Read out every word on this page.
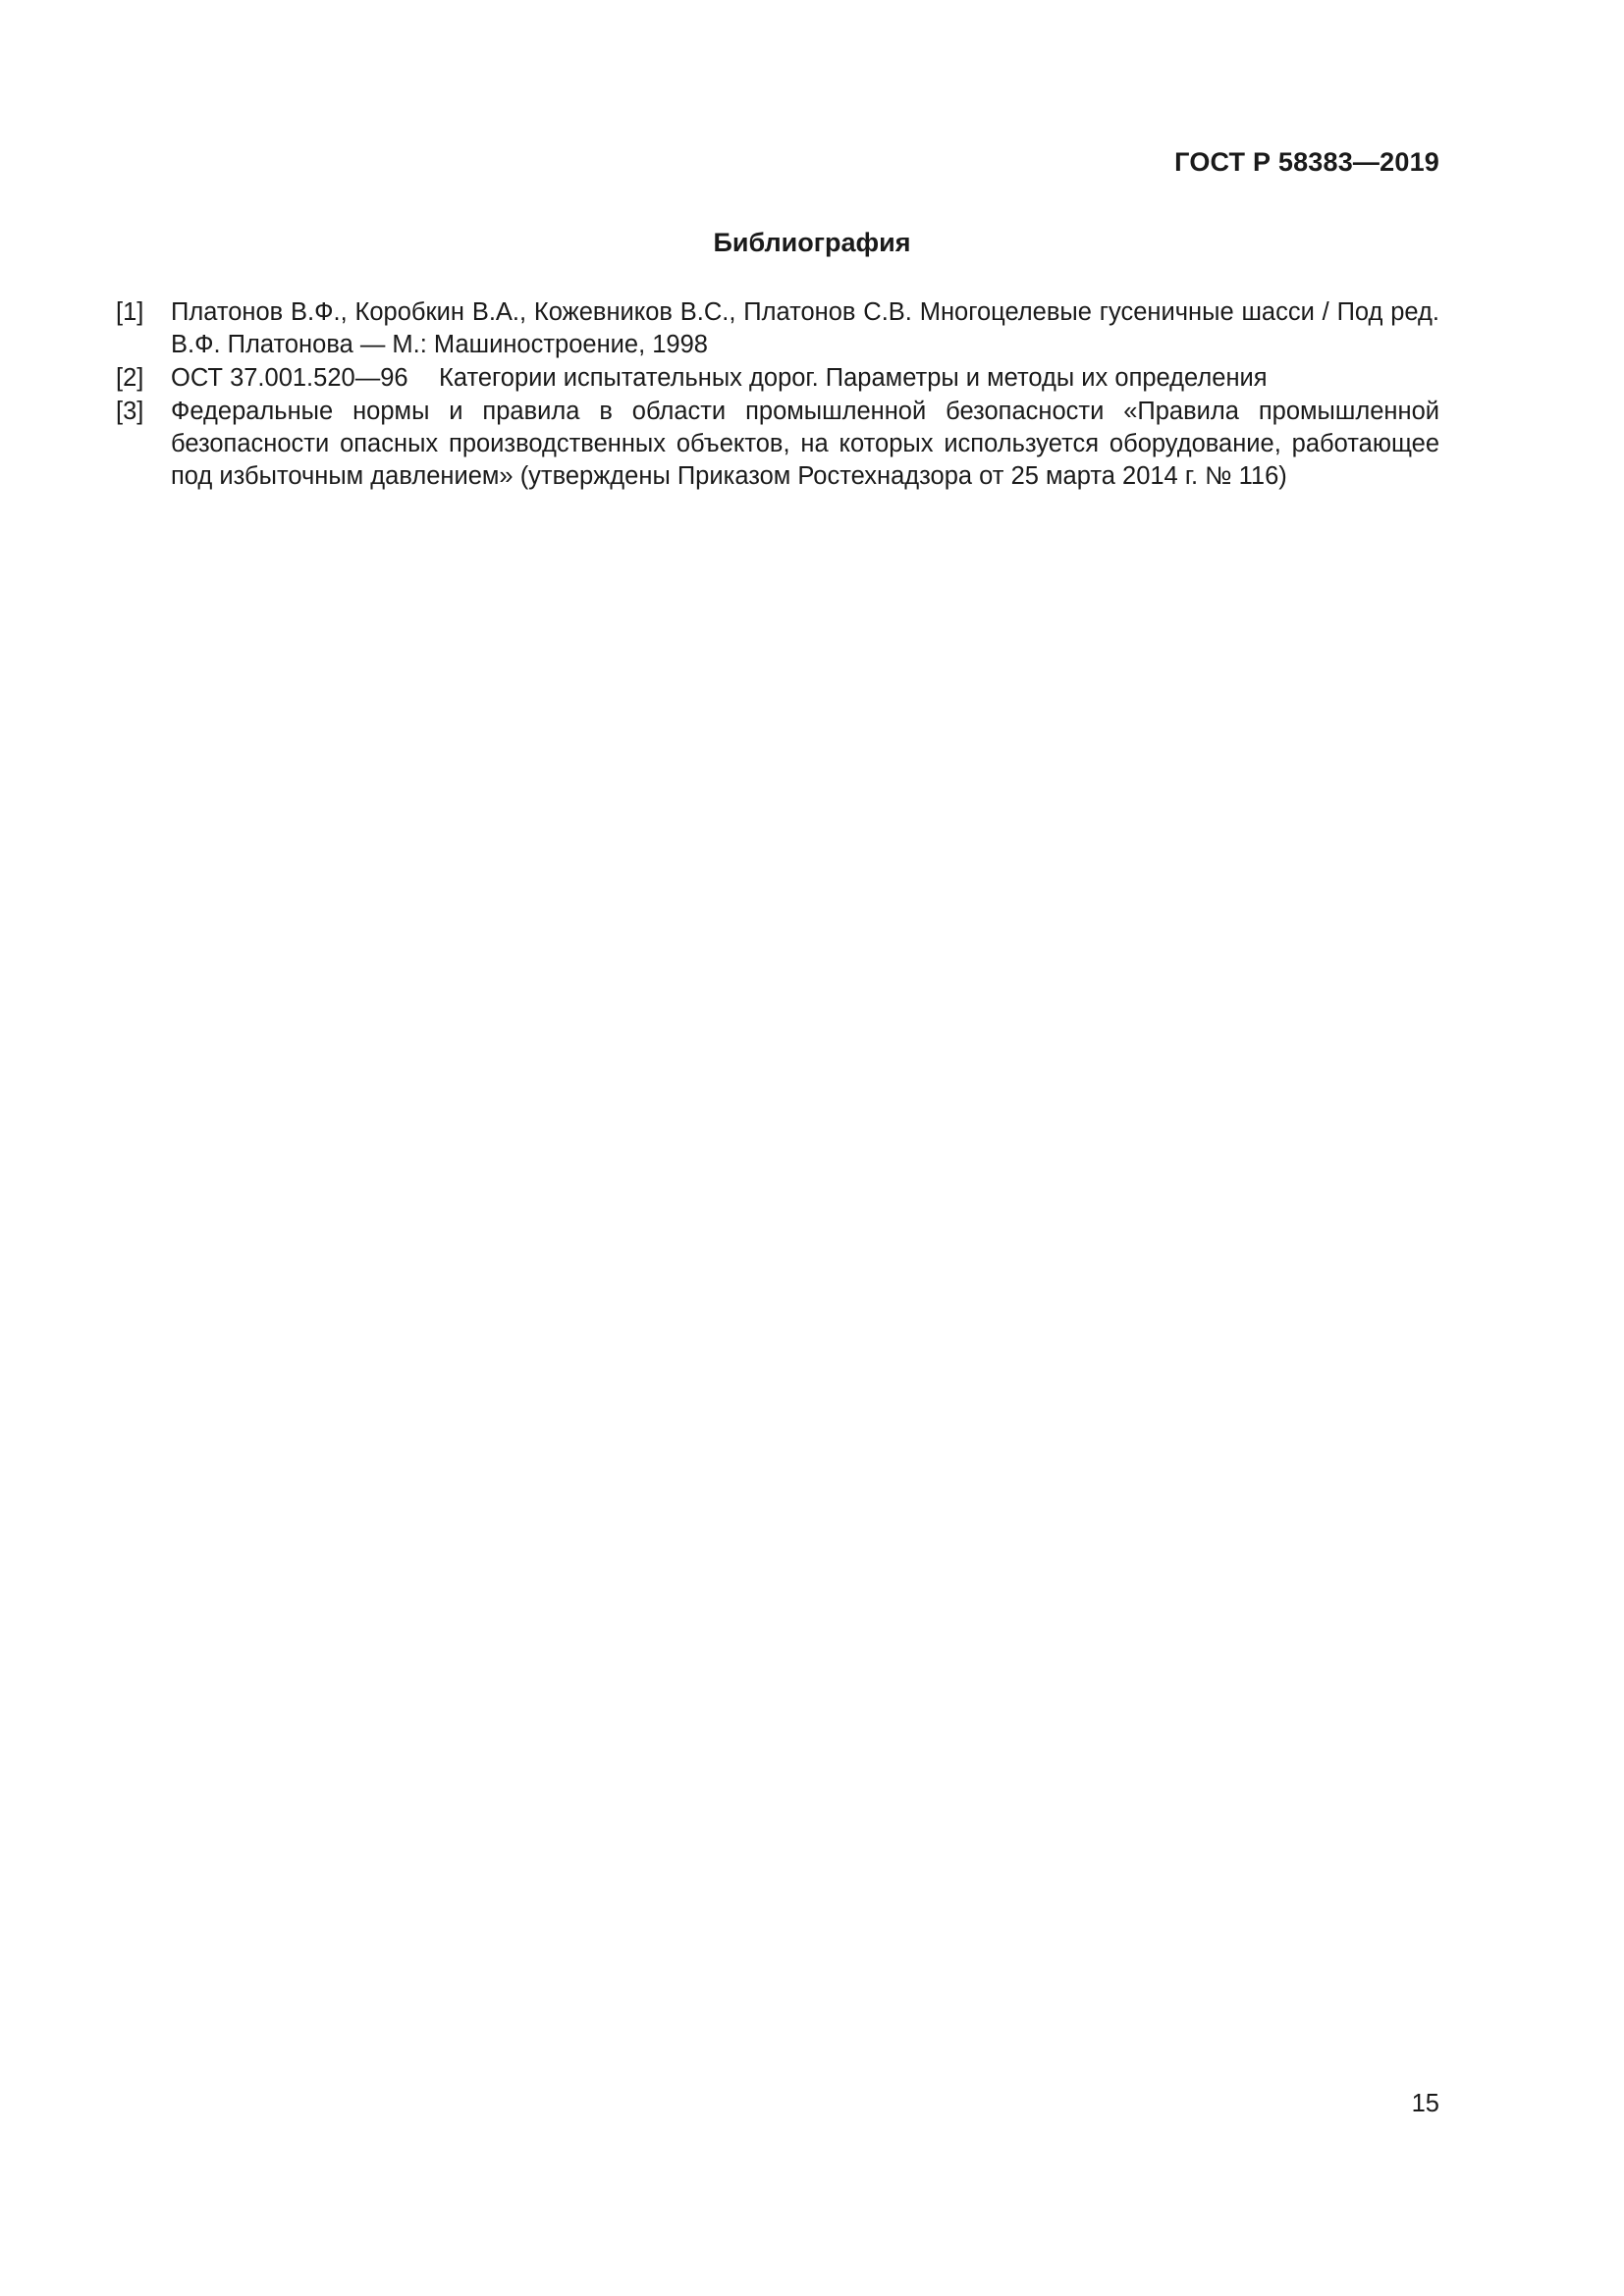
ГОСТ Р 58383—2019
Библиография
[1]	Платонов В.Ф., Коробкин В.А., Кожевников В.С., Платонов С.В. Многоцелевые гусеничные шасси / Под ред. В.Ф. Платонова — М.: Машиностроение, 1998
[2]	ОСТ 37.001.520—96 Категории испытательных дорог. Параметры и методы их определения
[3]	Федеральные нормы и правила в области промышленной безопасности «Правила промышленной безопасности опасных производственных объектов, на которых используется оборудование, работающее под избыточным давлением» (утверждены Приказом Ростехнадзора от 25 марта 2014 г. № 116)
15
